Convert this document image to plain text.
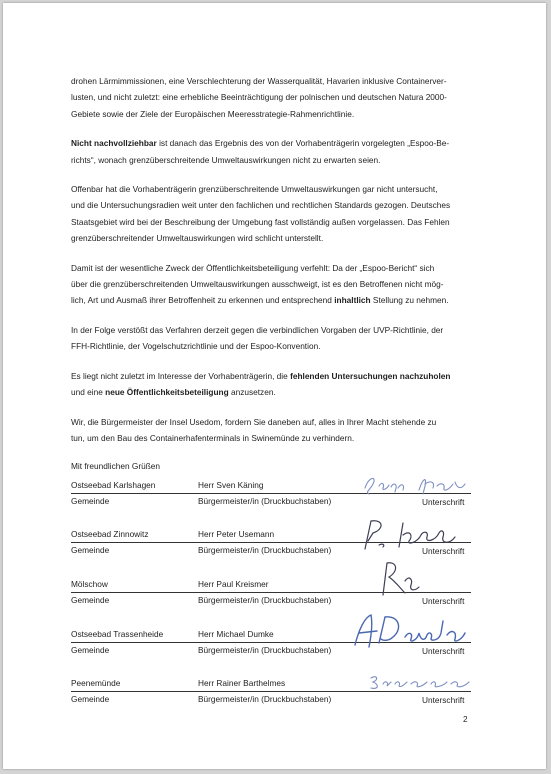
drohen Lärmimmissionen, eine Verschlechterung der Wasserqualität, Havarien inklusive Containerver-
lusten, und nicht zuletzt: eine erhebliche Beeinträchtigung der polnischen und deutschen Natura 2000-
Gebiete sowie der Ziele der Europäischen Meeresstrategie-Rahmenrichtlinie.

Nicht nachvollziehbar ist danach das Ergebnis des von der Vorhabenträgerin vorgelegten „Espoo-Be-
richts“, wonach grenzüberschreitende Umweltauswirkungen nicht zu erwarten seien.

Offenbar hat die Vorhabenträgerin grenzüberschreitende Umweltauswirkungen gar nicht untersucht,
und die Untersuchungsradien weit unter den fachlichen und rechtlichen Standards gezogen. Deutsches
Staatsgebiet wird bei der Beschreibung der Umgebung fast vollständig außen vorgelassen. Das Fehlen
grenzüberschreitender Umweltauswirkungen wird schlicht unterstellt.

Damit ist der wesentliche Zweck der Öffentlichkeitsbeteiligung verfehlt: Da der „Espoo-Bericht“ sich
über die grenzüberschreitenden Umweltauswirkungen ausschweigt, ist es den Betroffenen nicht mög-
lich, Art und Ausmaß ihrer Betroffenheit zu erkennen und entsprechend inhaltlich Stellung zu nehmen.

In der Folge verstößt das Verfahren derzeit gegen die verbindlichen Vorgaben der UVP-Richtlinie, der
FFH-Richtlinie, der Vogelschutzrichtlinie und der Espoo-Konvention.

Es liegt nicht zuletzt im Interesse der Vorhabenträgerin, die fehlenden Untersuchungen nachzuholen
und eine neue Öffentlichkeitsbeteiligung anzusetzen.

Wir, die Bürgermeister der Insel Usedom, fordern Sie daneben auf, alles in Ihrer Macht stehende zu
tun, um den Bau des Containerhafenterminals in Swinemünde zu verhindern.

Mit freundlichen Grüßen
Ostseebad Karlshagen	Herr Sven Käning
Gemeinde	Bürgermeister/in (Druckbuchstaben)	Unterschrift
Ostseebad Zinnowitz	Herr Peter Usemann
Gemeinde	Bürgermeister/in (Druckbuchstaben)	Unterschrift
Mölschow	Herr Paul Kreismer
Gemeinde	Bürgermeister/in (Druckbuchstaben)	Unterschrift
Ostseebad Trassenheide	Herr Michael Dumke
Gemeinde	Bürgermeister/in (Druckbuchstaben)	Unterschrift
Peenemünde	Herr Rainer Barthelmes
Gemeinde	Bürgermeister/in (Druckbuchstaben)	Unterschrift
2
